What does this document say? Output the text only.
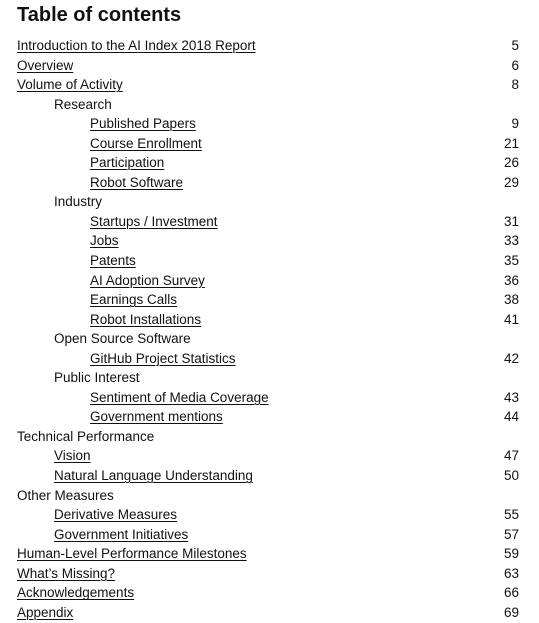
Table of contents
Introduction to the AI Index 2018 Report	5
Overview	6
Volume of Activity	8
Research
Published Papers	9
Course Enrollment	21
Participation	26
Robot Software	29
Industry
Startups / Investment	31
Jobs	33
Patents	35
AI Adoption Survey	36
Earnings Calls	38
Robot Installations	41
Open Source Software
GitHub Project Statistics	42
Public Interest
Sentiment of Media Coverage	43
Government mentions	44
Technical Performance
Vision	47
Natural Language Understanding	50
Other Measures
Derivative Measures	55
Government Initiatives	57
Human-Level Performance Milestones	59
What’s Missing?	63
Acknowledgements	66
Appendix	69
